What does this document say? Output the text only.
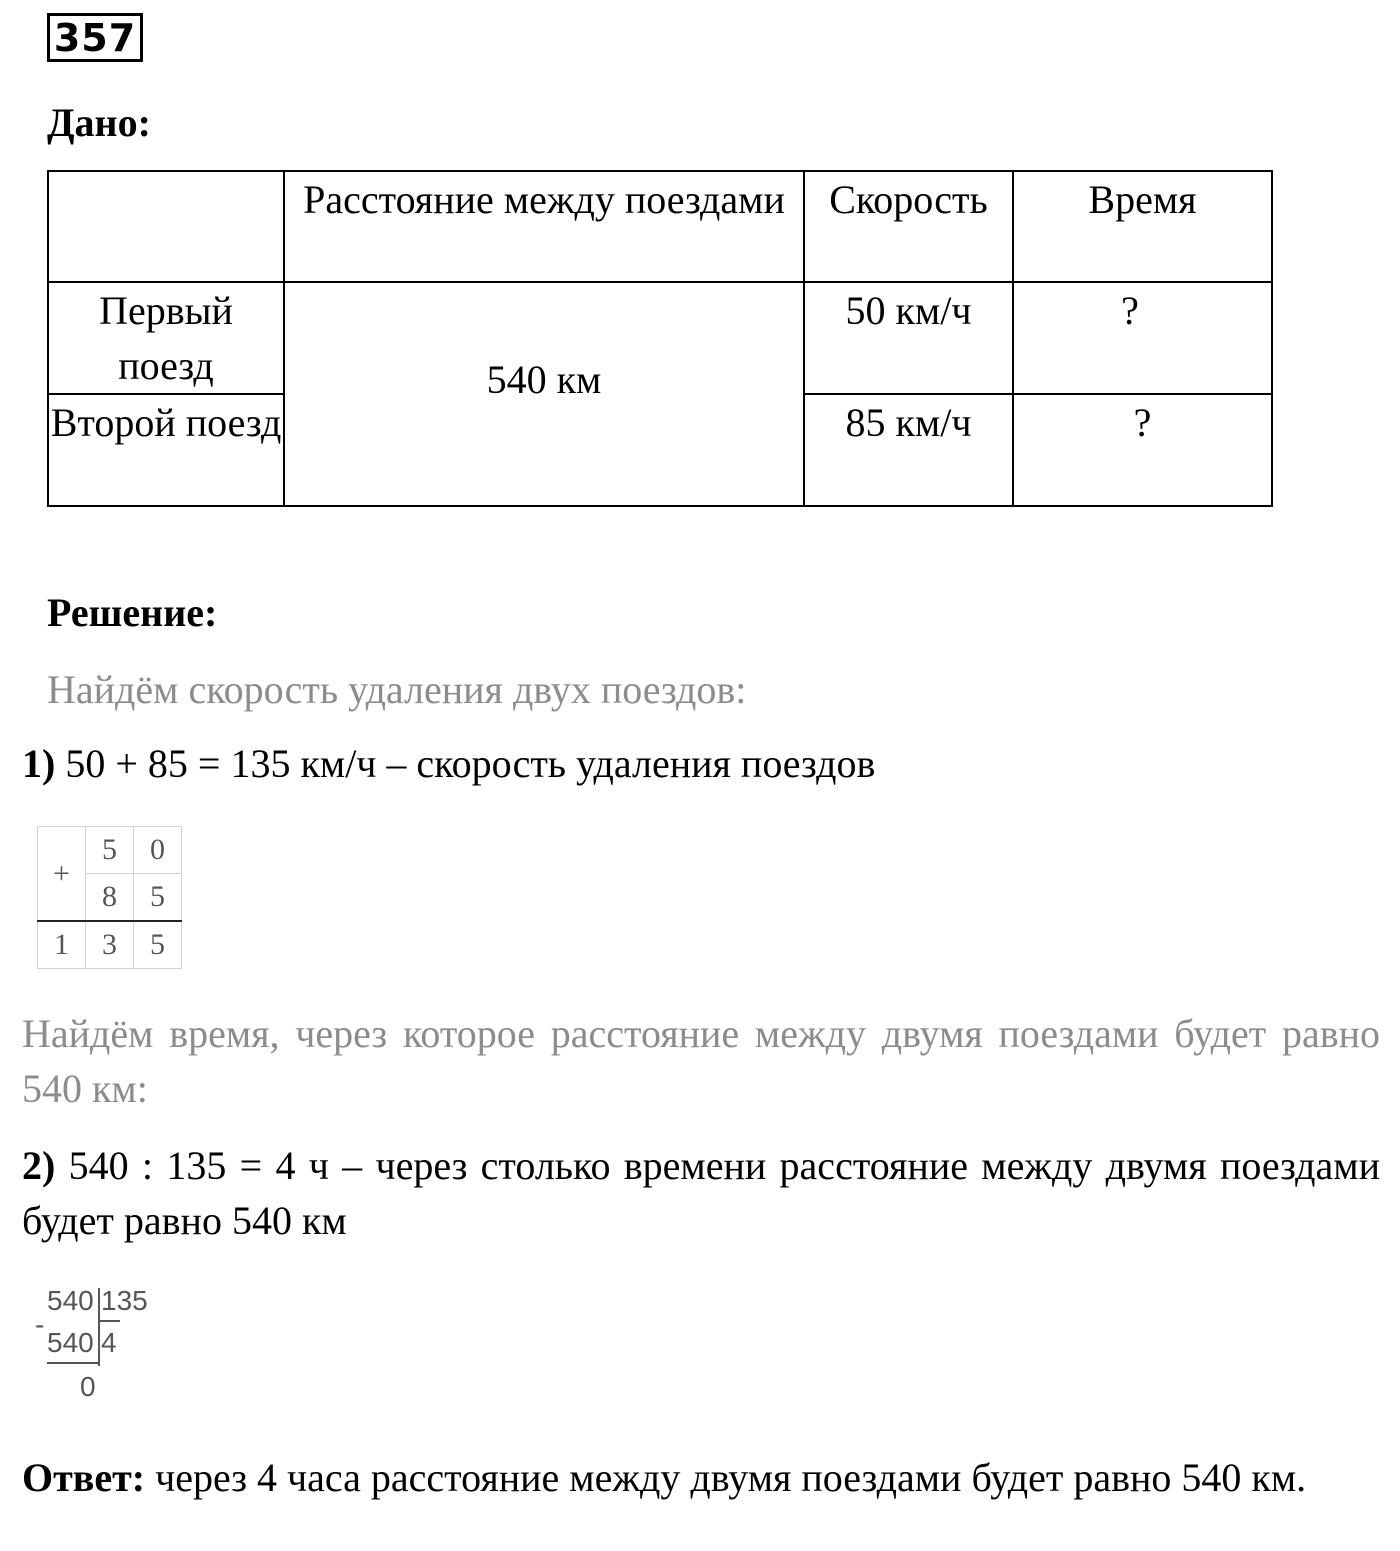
357
Дано:
	Расстояние между поездами	Скорость	Время
Первый поезд	540 км	50 км/ч	?
Второй поезд		85 км/ч	?
Решение:
Найдём скорость удаления двух поездов:
1) 50 + 85 = 135 км/ч – скорость удаления поездов
+	5	0
	8	5
1	3	5
Найдём время, через которое расстояние между двумя поездами будет равно 540 км:
2) 540 : 135 = 4 ч – через столько времени расстояние между двумя поездами будет равно 540 км
540 135
-
540 4
0
Ответ: через 4 часа расстояние между двумя поездами будет равно 540 км.
